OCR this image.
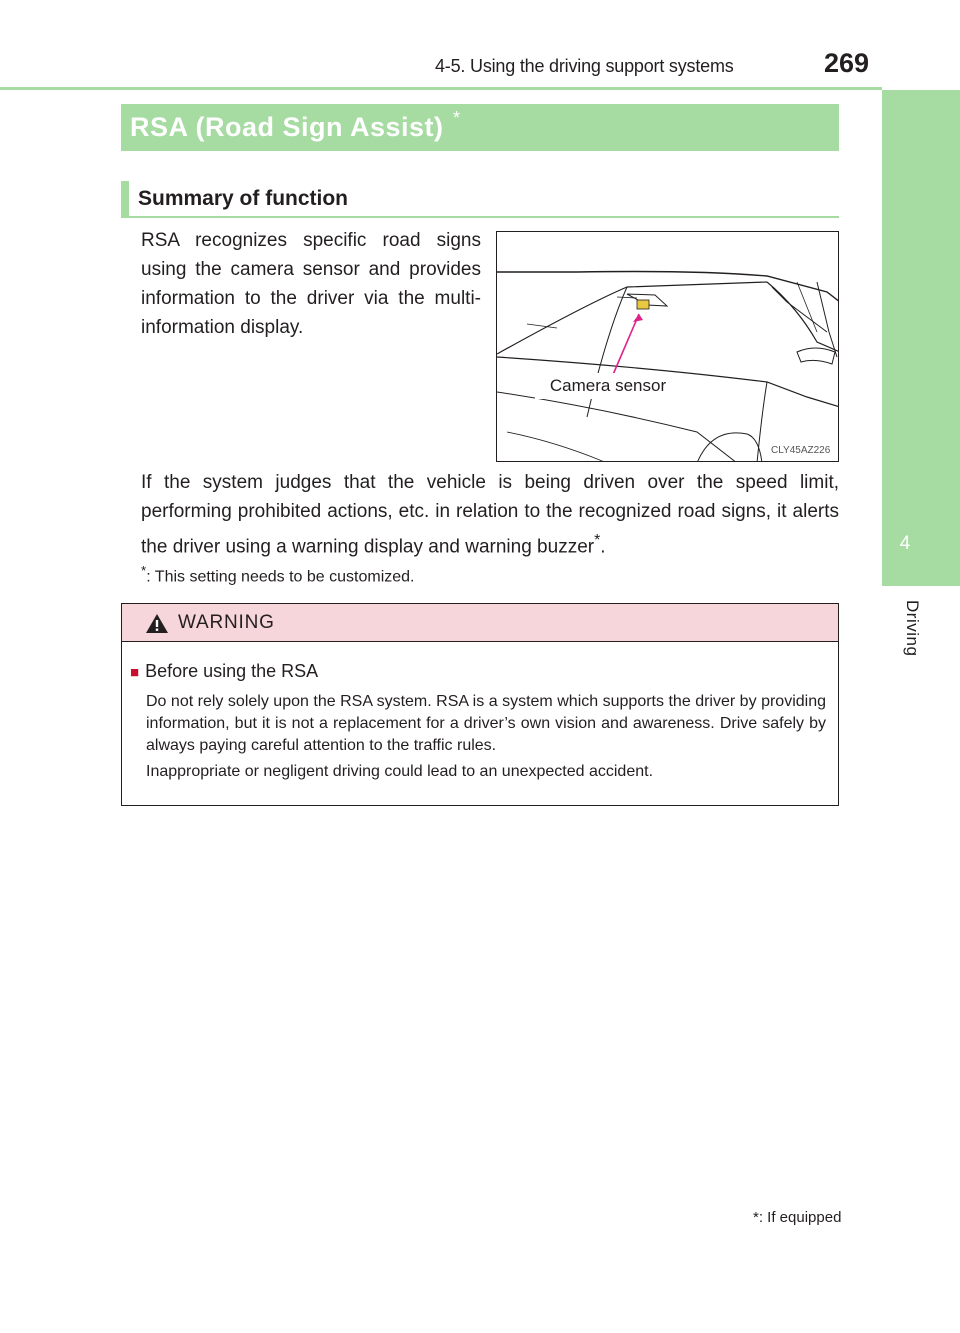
4-5. Using the driving support systems	269
4
Driving
RSA (Road Sign Assist) *
Summary of function
RSA recognizes specific road signs using the camera sensor and provides information to the driver via the multi-information display.
Camera sensor
CLY45AZ226
If the system judges that the vehicle is being driven over the speed limit, performing prohibited actions, etc. in relation to the recognized road signs, it alerts the driver using a warning display and warning buzzer*.
*: This setting needs to be customized.
WARNING
■ Before using the RSA
Do not rely solely upon the RSA system. RSA is a system which supports the driver by providing information, but it is not a replacement for a driver’s own vision and awareness. Drive safely by always paying careful attention to the traffic rules.
Inappropriate or negligent driving could lead to an unexpected accident.
*: If equipped
